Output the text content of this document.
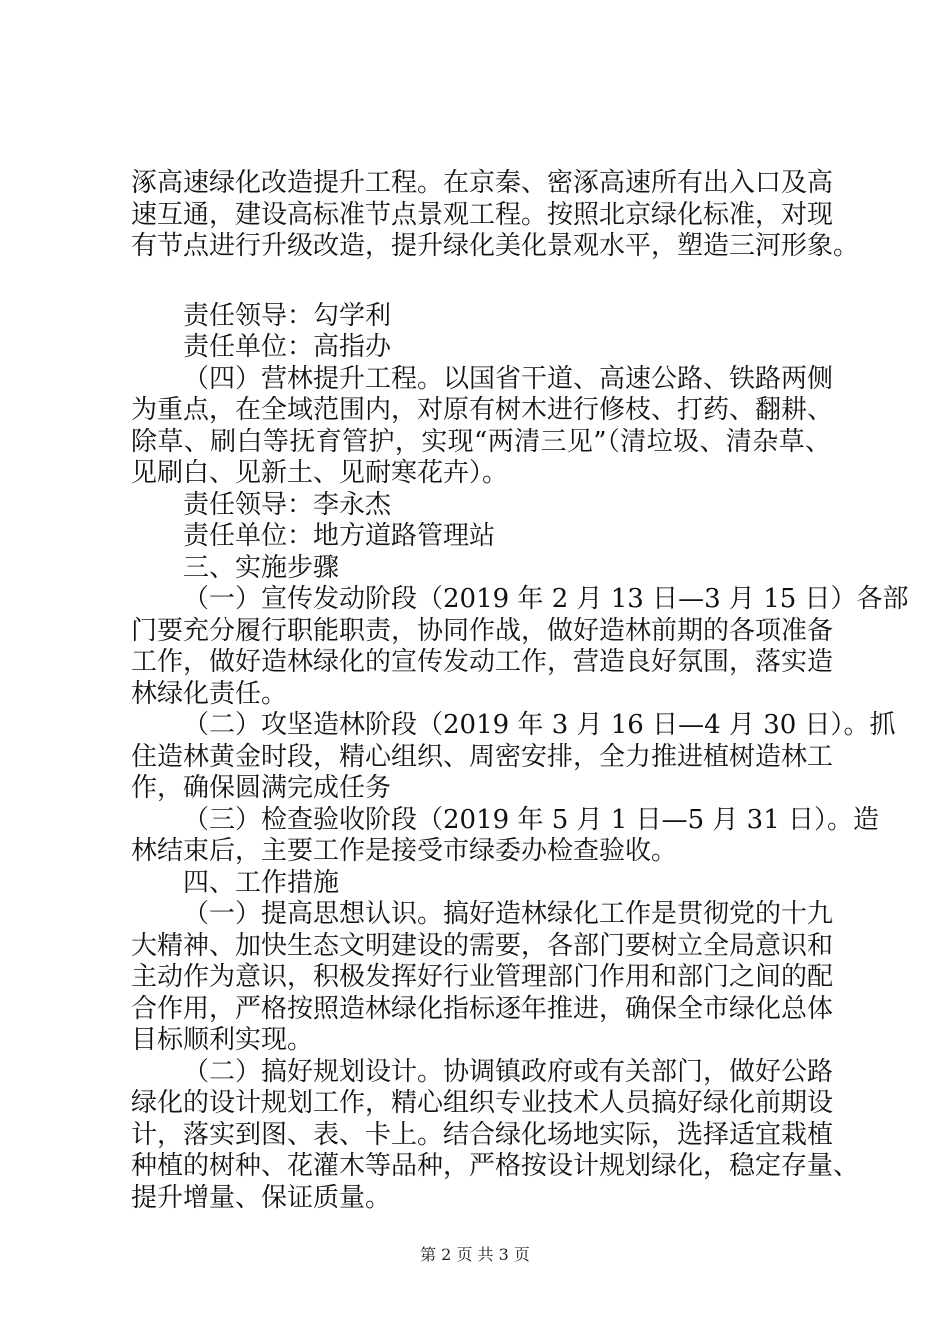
涿高速绿化改造提升工程。在京秦、密涿高速所有出入口及高
速互通，建设高标准节点景观工程。按照北京绿化标准，对现
有节点进行升级改造，提升绿化美化景观水平，塑造三河形象。
责任领导：勾学利
责任单位：高指办
（四）营林提升工程。以国省干道、高速公路、铁路两侧
为重点，在全域范围内，对原有树木进行修枝、打药、翻耕、
除草、刷白等抚育管护，实现“两清三见”（清垃圾、清杂草、
见刷白、见新土、见耐寒花卉）。
责任领导：李永杰
责任单位：地方道路管理站
三、实施步骤
（一）宣传发动阶段（2019 年 2 月 13 日—3 月 15 日）各部
门要充分履行职能职责，协同作战，做好造林前期的各项准备
工作，做好造林绿化的宣传发动工作，营造良好氛围，落实造
林绿化责任。
（二）攻坚造林阶段（2019 年 3 月 16 日—4 月 30 日）。抓
住造林黄金时段，精心组织、周密安排，全力推进植树造林工
作，确保圆满完成任务
（三）检查验收阶段（2019 年 5 月 1 日—5 月 31 日）。造
林结束后，主要工作是接受市绿委办检查验收。
四、工作措施
（一）提高思想认识。搞好造林绿化工作是贯彻党的十九
大精神、加快生态文明建设的需要，各部门要树立全局意识和
主动作为意识，积极发挥好行业管理部门作用和部门之间的配
合作用，严格按照造林绿化指标逐年推进，确保全市绿化总体
目标顺利实现。
（二）搞好规划设计。协调镇政府或有关部门，做好公路
绿化的设计规划工作，精心组织专业技术人员搞好绿化前期设
计，落实到图、表、卡上。结合绿化场地实际，选择适宜栽植
种植的树种、花灌木等品种，严格按设计规划绿化，稳定存量、
提升增量、保证质量。
第 2 页 共 3 页
